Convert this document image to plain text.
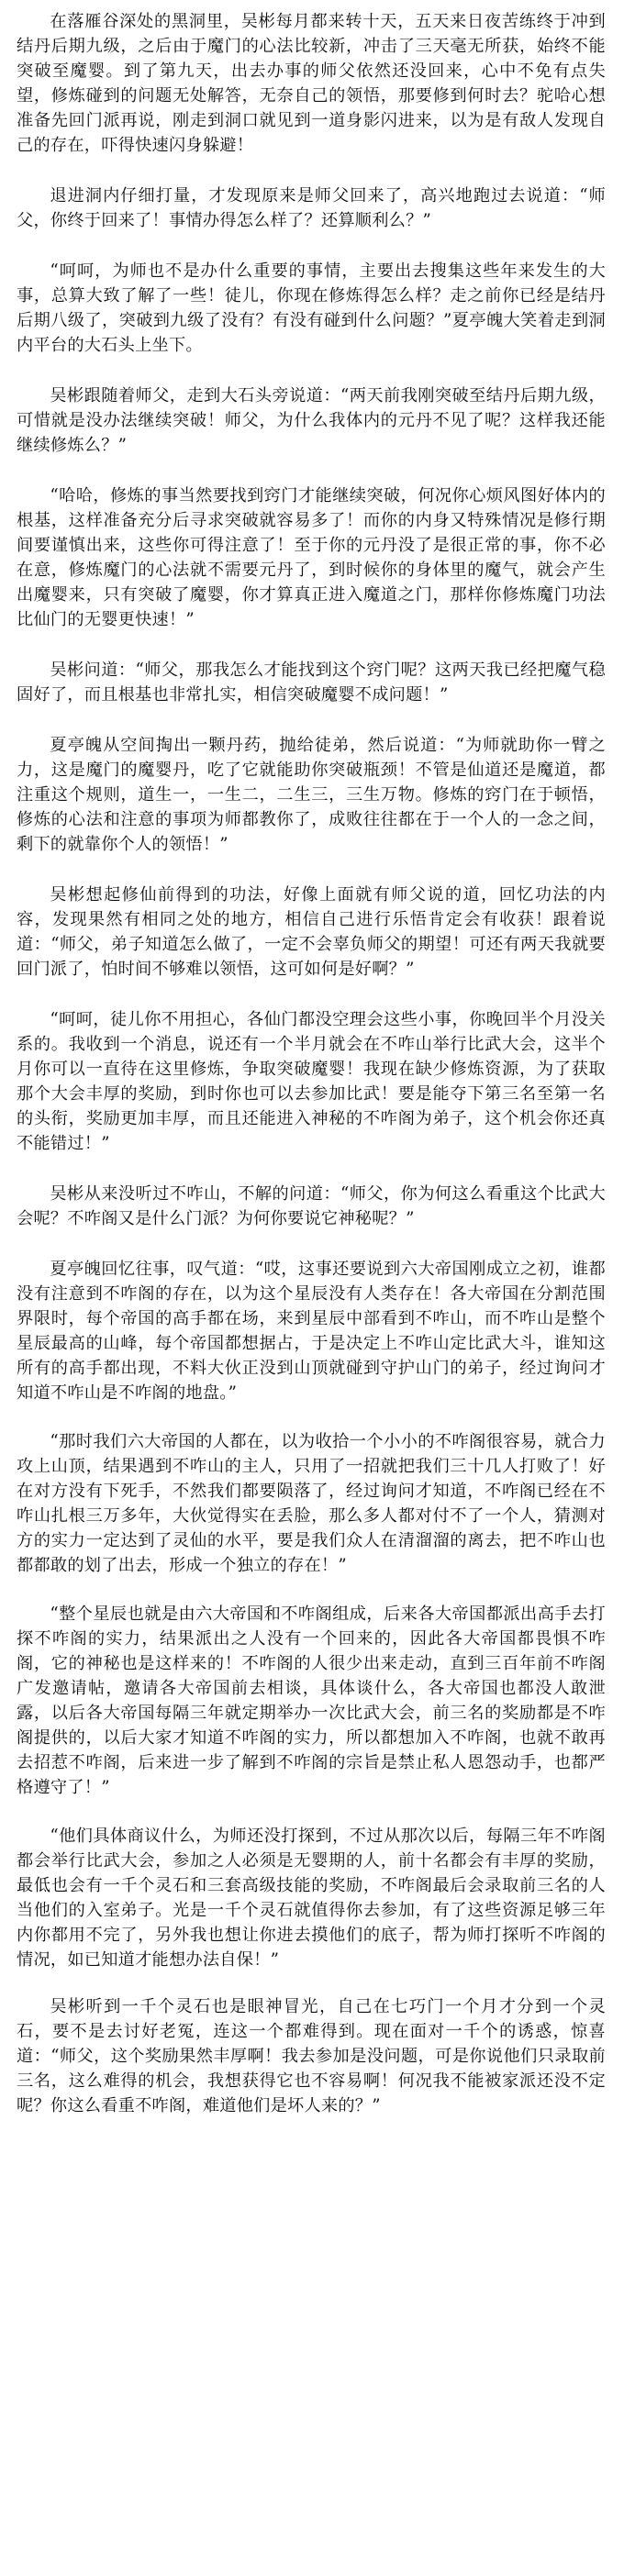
在落雁谷深处的黑洞里，吴彬每月都来转十天，五天来日夜苦练终于冲到结丹后期九级，之后由于魔门的心法比较新，冲击了三天毫无所获，始终不能突破至魔婴。到了第九天，出去办事的师父依然还没回来，心中不免有点失望，修炼碰到的问题无处解答，无奈自己的领悟，那要修到何时去？驼哈心想准备先回门派再说，刚走到洞口就见到一道身影闪进来，以为是有敌人发现自己的存在，吓得快速闪身躲避！

退进洞内仔细打量，才发现原来是师父回来了，高兴地跑过去说道：“师父，你终于回来了！事情办得怎么样了？还算顺利么？”

“呵呵，为师也不是办什么重要的事情，主要出去搜集这些年来发生的大事，总算大致了解了一些！徒儿，你现在修炼得怎么样？走之前你已经是结丹后期八级了，突破到九级了没有？有没有碰到什么问题？”夏亭魄大笑着走到洞内平台的大石头上坐下。

吴彬跟随着师父，走到大石头旁说道：“两天前我刚突破至结丹后期九级，可惜就是没办法继续突破！师父，为什么我体内的元丹不见了呢？这样我还能继续修炼么？”

“哈哈，修炼的事当然要找到窍门才能继续突破，何况你心烦风图好体内的根基，这样准备充分后寻求突破就容易多了！而你的内身又特殊情况是修行期间要谨慎出来，这些你可得注意了！至于你的元丹没了是很正常的事，你不必在意，修炼魔门的心法就不需要元丹了，到时候你的身体里的魔气，就会产生出魔婴来，只有突破了魔婴，你才算真正进入魔道之门，那样你修炼魔门功法比仙门的无婴更快速！”

吴彬问道：“师父，那我怎么才能找到这个窍门呢？这两天我已经把魔气稳固好了，而且根基也非常扎实，相信突破魔婴不成问题！”

夏亭魄从空间掏出一颗丹药，抛给徒弟，然后说道：“为师就助你一臂之力，这是魔门的魔婴丹，吃了它就能助你突破瓶颈！不管是仙道还是魔道，都注重这个规则，道生一，一生二，二生三，三生万物。修炼的窍门在于顿悟，修炼的心法和注意的事项为师都教你了，成败往往都在于一个人的一念之间，剩下的就靠你个人的领悟！”

吴彬想起修仙前得到的功法，好像上面就有师父说的道，回忆功法的内容，发现果然有相同之处的地方，相信自己进行乐悟肯定会有收获！跟着说道：“师父，弟子知道怎么做了，一定不会辜负师父的期望！可还有两天我就要回门派了，怕时间不够难以领悟，这可如何是好啊？”

“呵呵，徒儿你不用担心，各仙门都没空理会这些小事，你晚回半个月没关系的。我收到一个消息，说还有一个半月就会在不咋山举行比武大会，这半个月你可以一直待在这里修炼，争取突破魔婴！我现在缺少修炼资源，为了获取那个大会丰厚的奖励，到时你也可以去参加比武！要是能夺下第三名至第一名的头衔，奖励更加丰厚，而且还能进入神秘的不咋阁为弟子，这个机会你还真不能错过！”

吴彬从来没听过不咋山，不解的问道：“师父，你为何这么看重这个比武大会呢？不咋阁又是什么门派？为何你要说它神秘呢？”

夏亭魄回忆往事，叹气道：“哎，这事还要说到六大帝国刚成立之初，谁都没有注意到不咋阁的存在，以为这个星辰没有人类存在！各大帝国在分割范围界限时，每个帝国的高手都在场，来到星辰中部看到不咋山，而不咋山是整个星辰最高的山峰，每个帝国都想据占，于是决定上不咋山定比武大斗，谁知这所有的高手都出现，不料大伙正没到山顶就碰到守护山门的弟子，经过询问才知道不咋山是不咋阁的地盘。”

“那时我们六大帝国的人都在，以为收拾一个小小的不咋阁很容易，就合力攻上山顶，结果遇到不咋山的主人，只用了一招就把我们三十几人打败了！好在对方没有下死手，不然我们都要陨落了，经过询问才知道，不咋阁已经在不咋山扎根三万多年，大伙觉得实在丢脸，那么多人都对付不了一个人，猜测对方的实力一定达到了灵仙的水平，要是我们众人在清溜溜的离去，把不咋山也都都敢的划了出去，形成一个独立的存在！”

“整个星辰也就是由六大帝国和不咋阁组成，后来各大帝国都派出高手去打探不咋阁的实力，结果派出之人没有一个回来的，因此各大帝国都畏惧不咋阁，它的神秘也是这样来的！不咋阁的人很少出来走动，直到三百年前不咋阁广发邀请帖，邀请各大帝国前去相谈，具体谈什么，各大帝国也都没人敢泄露，以后各大帝国每隔三年就定期举办一次比武大会，前三名的奖励都是不咋阁提供的，以后大家才知道不咋阁的实力，所以都想加入不咋阁，也就不敢再去招惹不咋阁，后来进一步了解到不咋阁的宗旨是禁止私人恩怨动手，也都严格遵守了！”

“他们具体商议什么，为师还没打探到，不过从那次以后，每隔三年不咋阁都会举行比武大会，参加之人必须是无婴期的人，前十名都会有丰厚的奖励，最低也会有一千个灵石和三套高级技能的奖励，不咋阁最后会录取前三名的人当他们的入室弟子。光是一千个灵石就值得你去参加，有了这些资源足够三年内你都用不完了，另外我也想让你进去摸他们的底子，帮为师打探听不咋阁的情况，如已知道才能想办法自保！”

吴彬听到一千个灵石也是眼神冒光，自己在七巧门一个月才分到一个灵石，要不是去讨好老冤，连这一个都难得到。现在面对一千个的诱惑，惊喜道：“师父，这个奖励果然丰厚啊！我去参加是没问题，可是你说他们只录取前三名，这么难得的机会，我想获得它也不容易啊！何况我不能被家派还没不定呢？你这么看重不咋阁，难道他们是坏人来的？”
